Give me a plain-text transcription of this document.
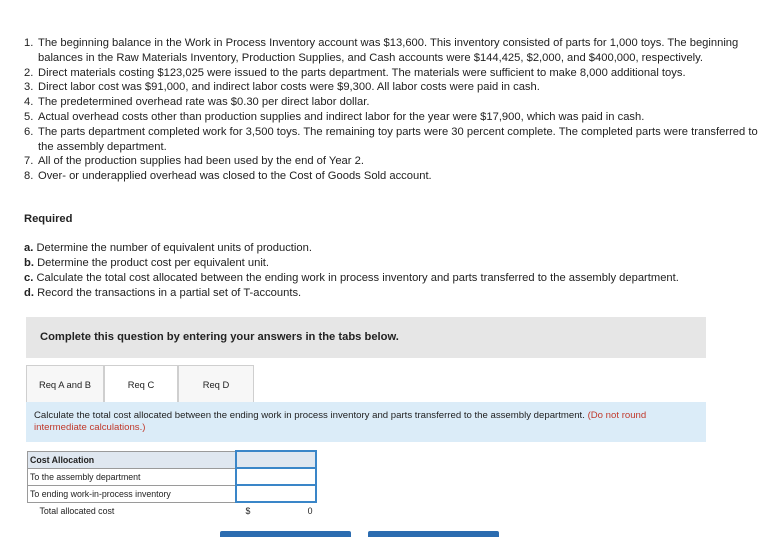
1. The beginning balance in the Work in Process Inventory account was $13,600. This inventory consisted of parts for 1,000 toys. The beginning balances in the Raw Materials Inventory, Production Supplies, and Cash accounts were $144,425, $2,000, and $400,000, respectively.
2. Direct materials costing $123,025 were issued to the parts department. The materials were sufficient to make 8,000 additional toys.
3. Direct labor cost was $91,000, and indirect labor costs were $9,300. All labor costs were paid in cash.
4. The predetermined overhead rate was $0.30 per direct labor dollar.
5. Actual overhead costs other than production supplies and indirect labor for the year were $17,900, which was paid in cash.
6. The parts department completed work for 3,500 toys. The remaining toy parts were 30 percent complete. The completed parts were transferred to the assembly department.
7. All of the production supplies had been used by the end of Year 2.
8. Over- or underapplied overhead was closed to the Cost of Goods Sold account.
Required
a. Determine the number of equivalent units of production.
b. Determine the product cost per equivalent unit.
c. Calculate the total cost allocated between the ending work in process inventory and parts transferred to the assembly department.
d. Record the transactions in a partial set of T-accounts.
Complete this question by entering your answers in the tabs below.
Req A and B	Req C	Req D
Calculate the total cost allocated between the ending work in process inventory and parts transferred to the assembly department. (Do not round intermediate calculations.)
Cost Allocation	

To the assembly department	
To ending work-in-process inventory	
Total allocated cost	$ 0
